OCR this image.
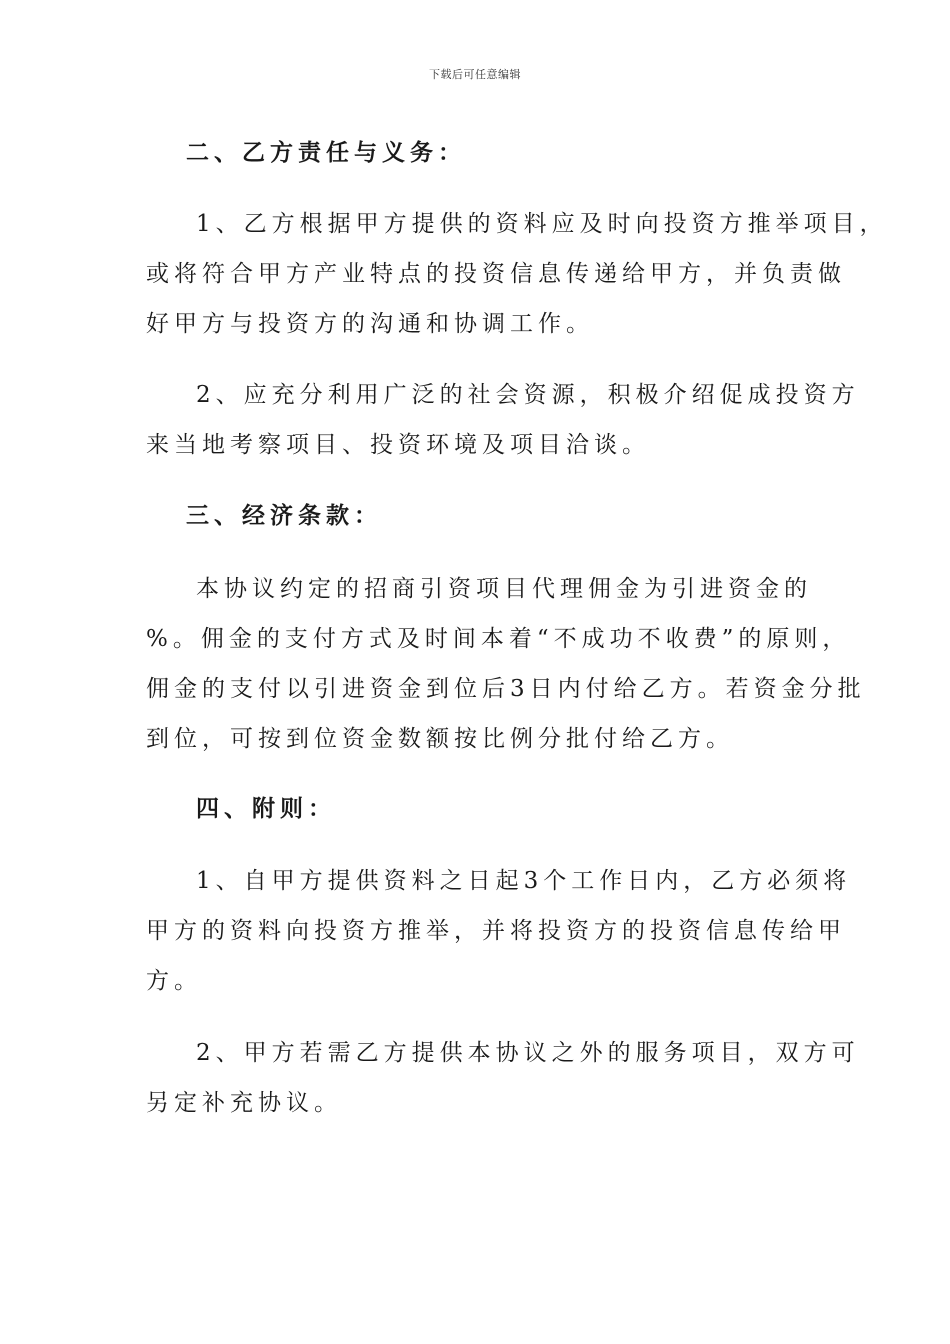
下载后可任意编辑
二、乙方责任与义务：
1、乙方根据甲方提供的资料应及时向投资方推举项目，
或将符合甲方产业特点的投资信息传递给甲方，并负责做
好甲方与投资方的沟通和协调工作。
2、应充分利用广泛的社会资源，积极介绍促成投资方
来当地考察项目、投资环境及项目洽谈。
三、经济条款：
本协议约定的招商引资项目代理佣金为引进资金的
%。佣金的支付方式及时间本着“不成功不收费”的原则，
佣金的支付以引进资金到位后3日内付给乙方。若资金分批
到位，可按到位资金数额按比例分批付给乙方。
四、附则：
1、自甲方提供资料之日起3个工作日内，乙方必须将
甲方的资料向投资方推举，并将投资方的投资信息传给甲
方。
2、甲方若需乙方提供本协议之外的服务项目，双方可
另定补充协议。
